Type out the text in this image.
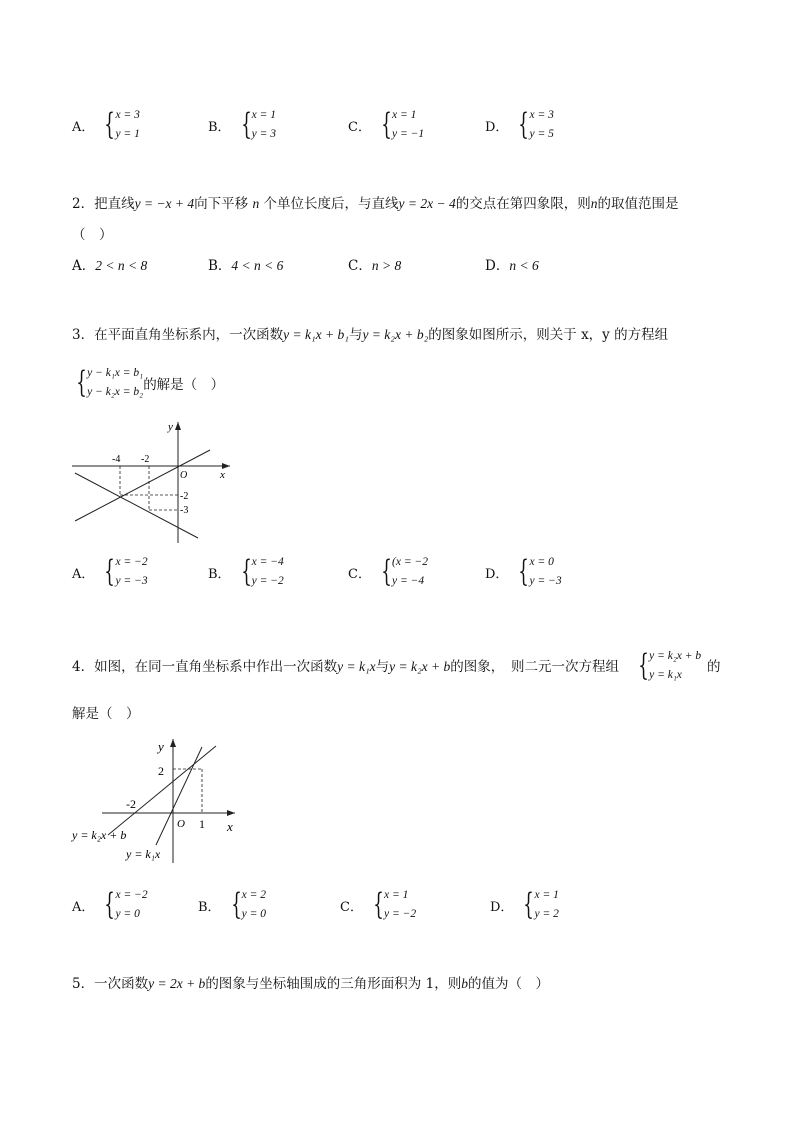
A． { x = 3
y = 1	B． { x = 1
y = 3	C． { x = 1
y = −1	D． { x = 3
y = 5
2．把直线y = −x + 4向下平移 n 个单位长度后，与直线y = 2x − 4的交点在第四象限，则n的取值范围是
（　）
A．2 < n < 8	B．4 < n < 6	C．n > 8	D．n < 6
3．在平面直角坐标系内，一次函数y = k₁x + b₁与y = k₂x + b₂的图象如图所示，则关于 x，y 的方程组
{ y − k₁x = b₁
y − k₂x = b₂ 的解是（　）
y
x
O
-4 -2
-2
-3
A． { x = −2
y = −3	B． { x = −4
y = −2	C． { (x = −2
y = −4	D． { x = 0
y = −3
4． 如图，在同一直角坐标系中作出一次函数 y = k₁x 与 y = k₂x + b 的图象，　则二元一次方程组 { y = k₂x + b
y = k₁x	的
解是（　）
y
x
O
2
1
-2
y = k₂x + b
y = k₁x
A． { x = −2
y = 0	B． { x = 2
y = 0	C． { x = 1
y = −2	D． { x = 1
y = 2
5．一次函数y = 2x + b的图象与坐标轴围成的三角形面积为 1，则b的值为（　）
